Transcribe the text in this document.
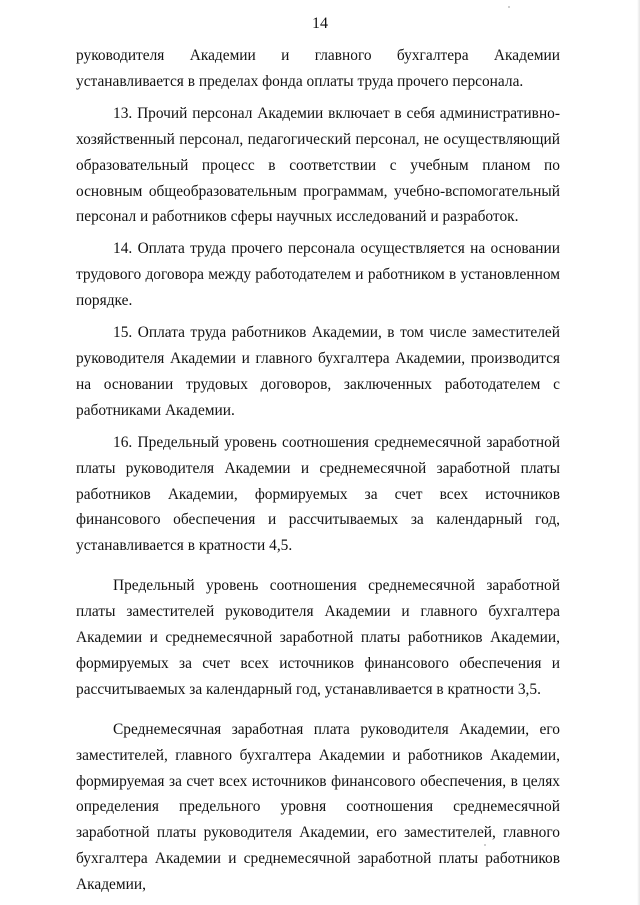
14

руководителя Академии и главного бухгалтера Академии устанавливается в пределах фонда оплаты труда прочего персонала.

13. Прочий персонал Академии включает в себя административно-хозяйственный персонал, педагогический персонал, не осуществляющий образовательный процесс в соответствии с учебным планом по основным общеобразовательным программам, учебно-вспомогательный персонал и работников сферы научных исследований и разработок.

14. Оплата труда прочего персонала осуществляется на основании трудового договора между работодателем и работником в установленном порядке.

15. Оплата труда работников Академии, в том числе заместителей руководителя Академии и главного бухгалтера Академии, производится на основании трудовых договоров, заключенных работодателем с работниками Академии.

16. Предельный уровень соотношения среднемесячной заработной платы руководителя Академии и среднемесячной заработной платы работников Академии, формируемых за счет всех источников финансового обеспечения и рассчитываемых за календарный год, устанавливается в кратности 4,5.

Предельный уровень соотношения среднемесячной заработной платы заместителей руководителя Академии и главного бухгалтера Академии и среднемесячной заработной платы работников Академии, формируемых за счет всех источников финансового обеспечения и рассчитываемых за календарный год, устанавливается в кратности 3,5.

Среднемесячная заработная плата руководителя Академии, его заместителей, главного бухгалтера Академии и работников Академии, формируемая за счет всех источников финансового обеспечения, в целях определения предельного уровня соотношения среднемесячной заработной платы руководителя Академии, его заместителей, главного бухгалтера Академии и среднемесячной заработной платы работников Академии,
